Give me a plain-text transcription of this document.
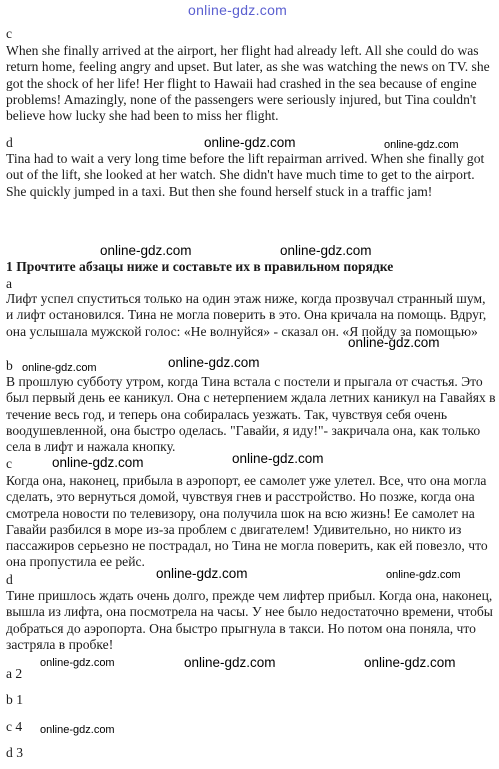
online-gdz.com
c
When she finally arrived at the airport, her flight had already left. All she could do was return home, feeling angry and upset. But later, as she was watching the news on TV. she got the shock of her life! Her flight to Hawaii had crashed in the sea because of engine problems! Amazingly, none of the passengers were seriously injured, but Tina couldn't believe how lucky she had been to miss her flight.
d
Tina had to wait a very long time before the lift repairman arrived. When she finally got out of the lift, she looked at her watch. She didn't have much time to get to the airport. She quickly jumped in a taxi. But then she found herself stuck in a traffic jam!
online-gdz.com	online-gdz.com
online-gdz.com	online-gdz.com
1 Прочтите абзацы ниже и составьте их в правильном порядке
a
Лифт успел спуститься только на один этаж ниже, когда прозвучал странный шум, и лифт остановился. Тина не могла поверить в это. Она кричала на помощь. Вдруг, она услышала мужской голос: «Не волнуйся» - сказал он. «Я пойду за помощью»
online-gdz.com
online-gdz.com
b online-gdz.com
В прошлую субботу утром, когда Тина встала с постели и прыгала от счастья. Это был первый день ее каникул. Она с нетерпением ждала летних каникул на Гавайях в течение весь год, и теперь она собиралась уезжать. Так, чувствуя себя очень воодушевленной, она быстро оделась. "Гавайи, я иду!"- закричала она, как только села в лифт и нажала кнопку.
online-gdz.com
c	online-gdz.com
Когда она, наконец, прибыла в аэропорт, ее самолет уже улетел. Все, что она могла сделать, это вернуться домой, чувствуя гнев и расстройство. Но позже, когда она смотрела новости по телевизору, она получила шок на всю жизнь! Ее самолет на Гавайи разбился в море из-за проблем с двигателем! Удивительно, но никто из пассажиров серьезно не пострадал, но Тина не могла поверить, как ей повезло, что она пропустила ее рейс.
d	online-gdz.com	online-gdz.com
Тине пришлось ждать очень долго, прежде чем лифтер прибыл. Когда она, наконец, вышла из лифта, она посмотрела на часы. У нее было недостаточно времени, чтобы добраться до аэропорта. Она быстро прыгнула в такси. Но потом она поняла, что застряла в пробке!
online-gdz.com	online-gdz.com	online-gdz.com
a 2
b 1
c 4 online-gdz.com
d 3
